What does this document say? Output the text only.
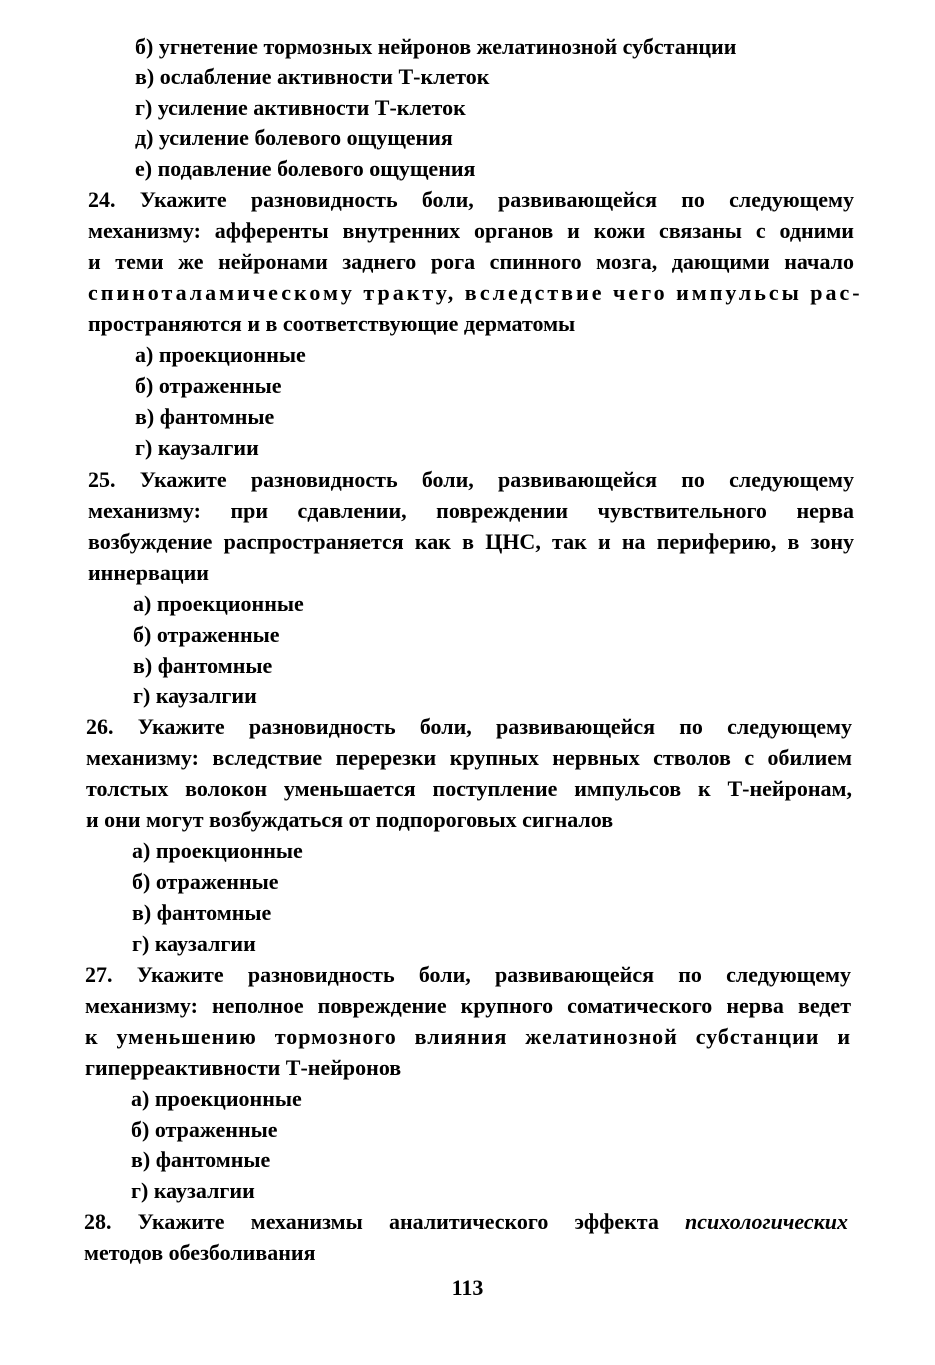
б) угнетение тормозных нейронов желатинозной субстанции
в) ослабление активности Т-клеток
г) усиление активности Т-клеток
д) усиление болевого ощущения
е) подавление болевого ощущения
24. Укажите разновидность боли, развивающейся по следующему
механизму: афференты внутренних органов и кожи связаны с одними
и теми же нейронами заднего рога спинного мозга, дающими начало
спиноталамическому тракту, вследствие чего импульсы рас-
пространяются и в соответствующие дерматомы
а) проекционные
б) отраженные
в) фантомные
г) каузалгии
25. Укажите разновидность боли, развивающейся по следующему
механизму: при сдавлении, повреждении чувствительного нерва
возбуждение распространяется как в ЦНС, так и на периферию, в зону
иннервации
а) проекционные
б) отраженные
в) фантомные
г) каузалгии
26. Укажите разновидность боли, развивающейся по следующему
механизму: вследствие перерезки крупных нервных стволов с обилием
толстых волокон уменьшается поступление импульсов к Т-нейронам,
и они могут возбуждаться от подпороговых сигналов
а) проекционные
б) отраженные
в) фантомные
г) каузалгии
27. Укажите разновидность боли, развивающейся по следующему
механизму: неполное повреждение крупного соматического нерва ведет
к уменьшению тормозного влияния желатинозной субстанции и
гиперреактивности Т-нейронов
а) проекционные
б) отраженные
в) фантомные
г) каузалгии
28. Укажите механизмы аналитического эффекта психологических
методов обезболивания
113
